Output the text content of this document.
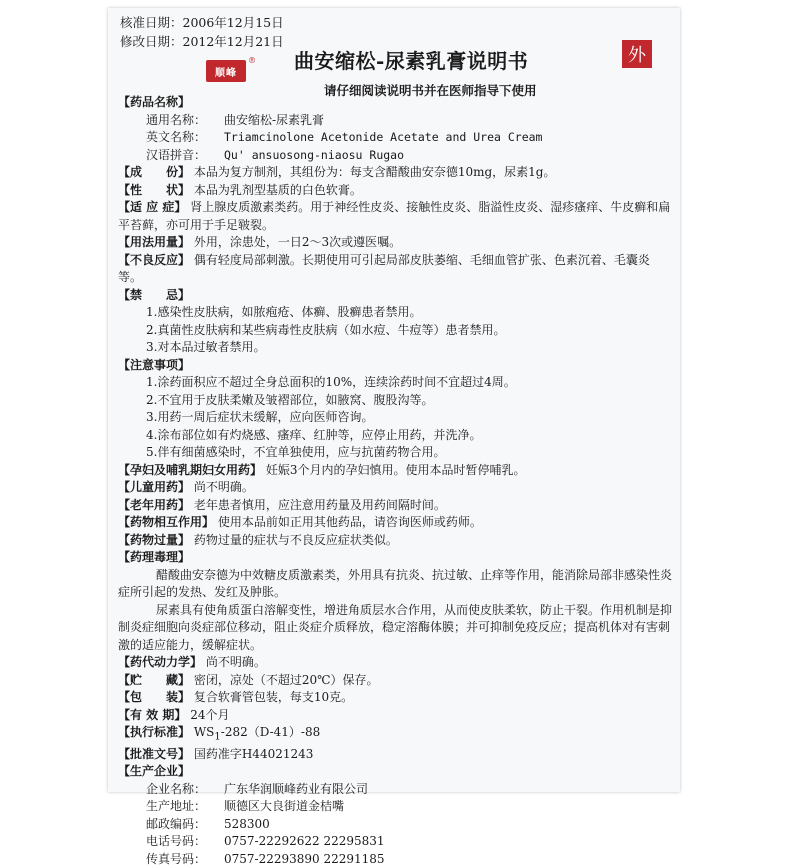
核准日期：2006年12月15日
修改日期：2012年12月21日
顺峰
® 曲安缩松-尿素乳膏说明书	外
请仔细阅读说明书并在医师指导下使用
【药品名称】
通用名称： 曲安缩松-尿素乳膏
英文名称： Triamcinolone Acetonide Acetate and Urea Cream
汉语拼音： Qu' ansuosong-niaosu Rugao
【成　　份】 本品为复方制剂，其组份为：每支含醋酸曲安奈德10mg，尿素1g。
【性　　状】 本品为乳剂型基质的白色软膏。
【适 应 症】 肾上腺皮质激素类药。用于神经性皮炎、接触性皮炎、脂溢性皮炎、湿疹瘙痒、牛皮癣和扁平苔藓，亦可用于手足皲裂。
【用法用量】 外用，涂患处，一日2～3次或遵医嘱。
【不良反应】 偶有轻度局部刺激。长期使用可引起局部皮肤萎缩、毛细血管扩张、色素沉着、毛囊炎等。
【禁　　忌】
1.感染性皮肤病，如脓疱疮、体癣、股癣患者禁用。
2.真菌性皮肤病和某些病毒性皮肤病（如水痘、牛痘等）患者禁用。
3.对本品过敏者禁用。
【注意事项】
1.涂药面积应不超过全身总面积的10%，连续涂药时间不宜超过4周。
2.不宜用于皮肤柔嫩及皱褶部位，如腋窝、腹股沟等。
3.用药一周后症状未缓解，应向医师咨询。
4.涂布部位如有灼烧感、瘙痒、红肿等，应停止用药，并洗净。
5.伴有细菌感染时，不宜单独使用，应与抗菌药物合用。
【孕妇及哺乳期妇女用药】 妊娠3个月内的孕妇慎用。使用本品时暂停哺乳。
【儿童用药】 尚不明确。
【老年用药】 老年患者慎用，应注意用药量及用药间隔时间。
【药物相互作用】 使用本品前如正用其他药品，请咨询医师或药师。
【药物过量】 药物过量的症状与不良反应症状类似。
【药理毒理】
醋酸曲安奈德为中效糖皮质激素类，外用具有抗炎、抗过敏、止痒等作用，能消除局部非感染性炎症所引起的发热、发红及肿胀。
尿素具有使角质蛋白溶解变性，增进角质层水合作用，从而使皮肤柔软，防止干裂。作用机制是抑制炎症细胞向炎症部位移动，阻止炎症介质释放，稳定溶酶体膜；并可抑制免疫反应；提高机体对有害刺激的适应能力，缓解症状。
【药代动力学】 尚不明确。
【贮　　藏】 密闭，凉处（不超过20℃）保存。
【包　　装】 复合软膏管包装，每支10克。
【有 效 期】 24个月
【执行标准】 $WS_1-282(D-41)-88$
【批准文号】 国药准字H44021243
【生产企业】
企业名称： 广东华润顺峰药业有限公司
生产地址： 顺德区大良街道金桔嘴
邮政编码： 528300
电话号码： 0757-22292622 22295831
传真号码： 0757-22293890 22291185
